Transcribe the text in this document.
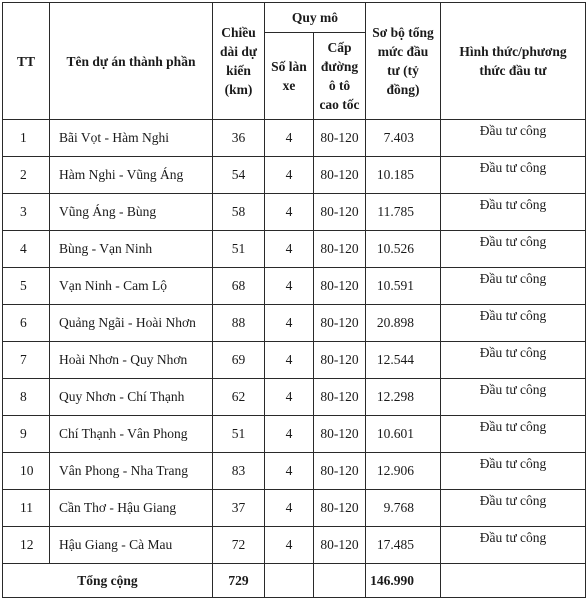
TT	Tên dự án thành phần	Chiều dài dự kiến (km)	Quy mô		Sơ bộ tổng mức đầu tư (tỷ đồng)	Hình thức/phương thức đầu tư
			Số làn xe	Cấp đường ô tô cao tốc		
1	Bãi Vọt - Hàm Nghi	36	4	80-120	7.403	Đầu tư công
2	Hàm Nghi - Vũng Áng	54	4	80-120	10.185	Đầu tư công
3	Vũng Áng - Bùng	58	4	80-120	11.785	Đầu tư công
4	Bùng - Vạn Ninh	51	4	80-120	10.526	Đầu tư công
5	Vạn Ninh - Cam Lộ	68	4	80-120	10.591	Đầu tư công
6	Quảng Ngãi - Hoài Nhơn	88	4	80-120	20.898	Đầu tư công
7	Hoài Nhơn - Quy Nhơn	69	4	80-120	12.544	Đầu tư công
8	Quy Nhơn - Chí Thạnh	62	4	80-120	12.298	Đầu tư công
9	Chí Thạnh - Vân Phong	51	4	80-120	10.601	Đầu tư công
10	Vân Phong - Nha Trang	83	4	80-120	12.906	Đầu tư công
11	Cần Thơ - Hậu Giang	37	4	80-120	9.768	Đầu tư công
12	Hậu Giang - Cà Mau	72	4	80-120	17.485	Đầu tư công
Tổng cộng		729			146.990	
